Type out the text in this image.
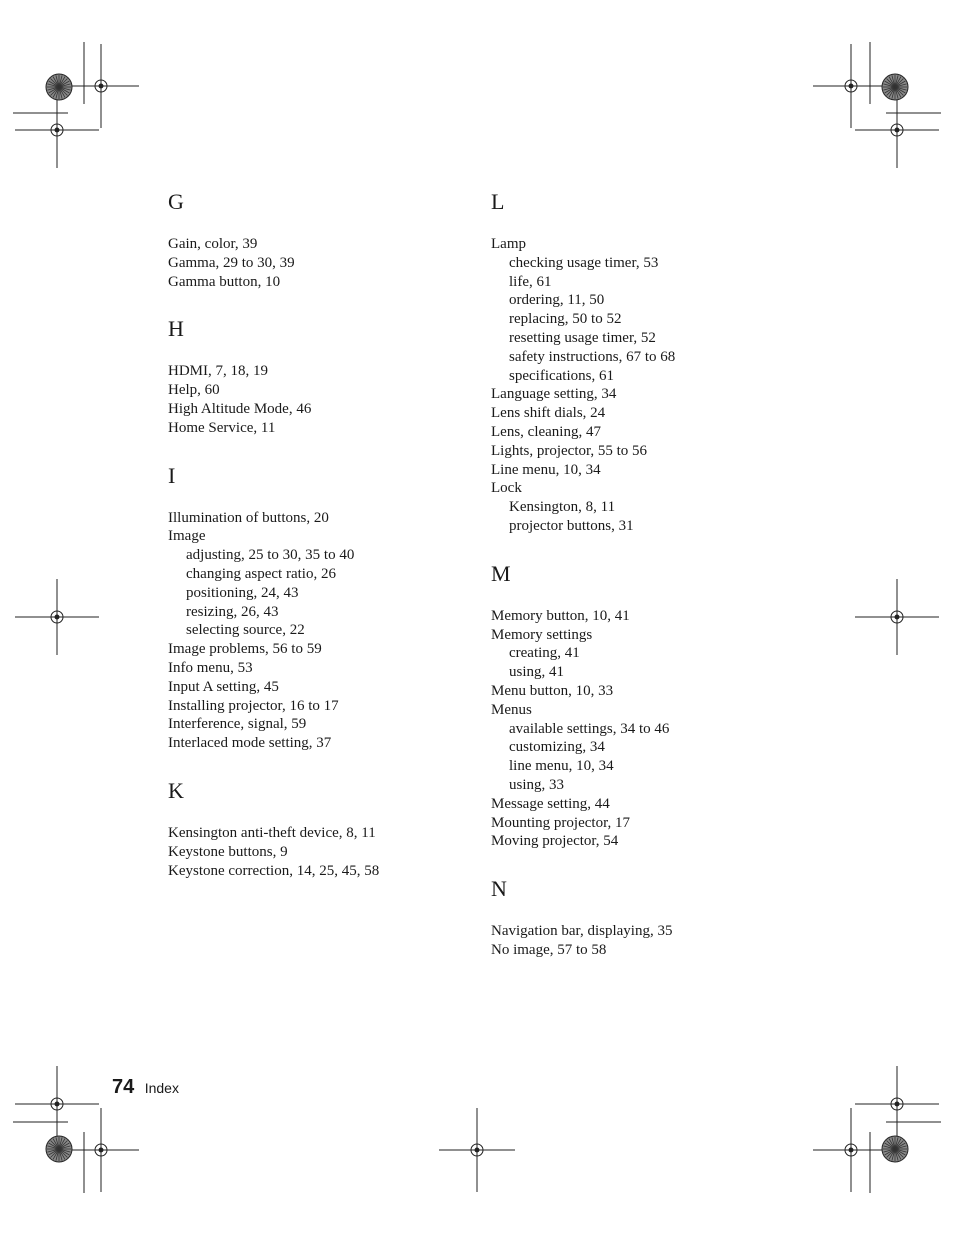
G
Gain, color, 39
Gamma, 29 to 30, 39
Gamma button, 10
H
HDMI, 7, 18, 19
Help, 60
High Altitude Mode, 46
Home Service, 11
I
Illumination of buttons, 20
Image
adjusting, 25 to 30, 35 to 40
changing aspect ratio, 26
positioning, 24, 43
resizing, 26, 43
selecting source, 22
Image problems, 56 to 59
Info menu, 53
Input A setting, 45
Installing projector, 16 to 17
Interference, signal, 59
Interlaced mode setting, 37
K
Kensington anti-theft device, 8, 11
Keystone buttons, 9
Keystone correction, 14, 25, 45, 58
L
Lamp
checking usage timer, 53
life, 61
ordering, 11, 50
replacing, 50 to 52
resetting usage timer, 52
safety instructions, 67 to 68
specifications, 61
Language setting, 34
Lens shift dials, 24
Lens, cleaning, 47
Lights, projector, 55 to 56
Line menu, 10, 34
Lock
Kensington, 8, 11
projector buttons, 31
M
Memory button, 10, 41
Memory settings
creating, 41
using, 41
Menu button, 10, 33
Menus
available settings, 34 to 46
customizing, 34
line menu, 10, 34
using, 33
Message setting, 44
Mounting projector, 17
Moving projector, 54
N
Navigation bar, displaying, 35
No image, 57 to 58
74 Index
